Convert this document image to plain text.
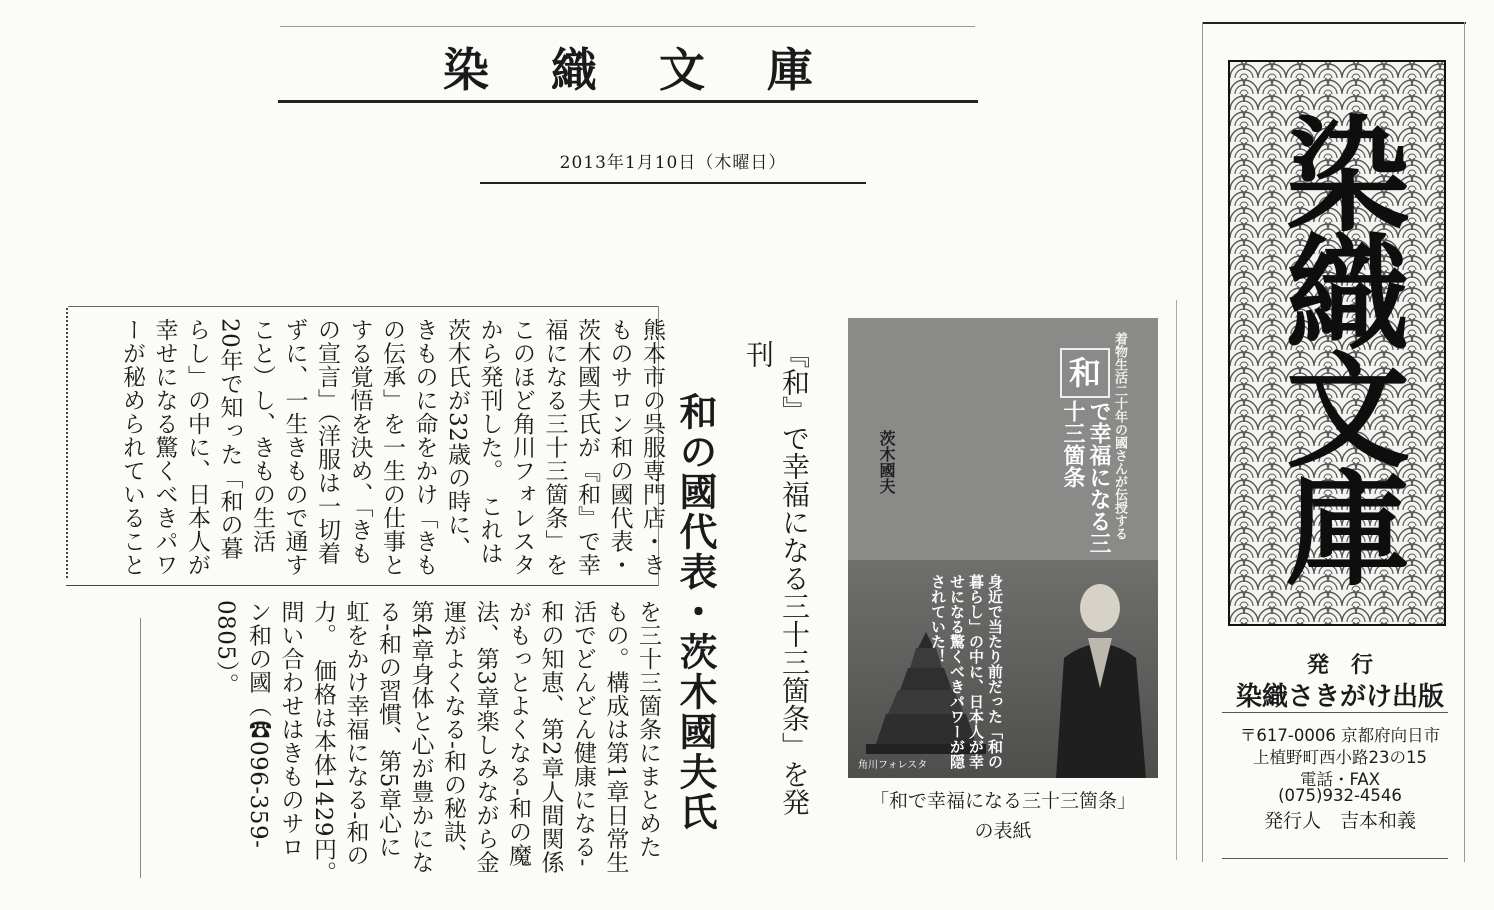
染織文庫
2013年1月10日（木曜日）
和の國代表・茨木國夫氏	『和』で幸福になる三十三箇条」を発刊
熊本市の呉服専門店・きものサロン和の國代表・茨木國夫氏が『和』で幸福になる三十三箇条」をこのほど角川フォレスタから発刊した。　これは茨木氏が32歳の時に、きものに命をかけ「きもの伝承」を一生の仕事とする覚悟を決め、「きもの宣言」（洋服は一切着ずに、一生きもので通すこと）し、きもの生活20年で知った「和の暮らし」の中に、日本人が幸せになる驚くべきパワーが秘められていること
を三十三箇条にまとめたもの。構成は第1章日常生活でどんどん健康になる‐和の知恵、第2章人間関係がもっとよくなる‐和の魔法、第3章楽しみながら金運がよくなる‐和の秘訣、第4章身体と心が豊かになる‐和の習慣、第5章心に虹をかけ幸福になる‐和の力。　価格は本体1429円。　問い合わせはきものサロン和の國（☎096‐359‐0805）。
着物生活二十年の國さんが伝授する
和
で幸福になる三十三箇条
茨木國夫
身近で当たり前だった「和の暮らし」の中に、日本人が幸せになる驚くべきパワーが隠されていた！
角川フォレスタ
「和で幸福になる三十三箇条」
の表紙
染織文庫
発　行
染織さきがけ出版
〒617-0006 京都府向日市
上植野町西小路23の15
電話・FAX
(075)932-4546
発行人　吉本和義
